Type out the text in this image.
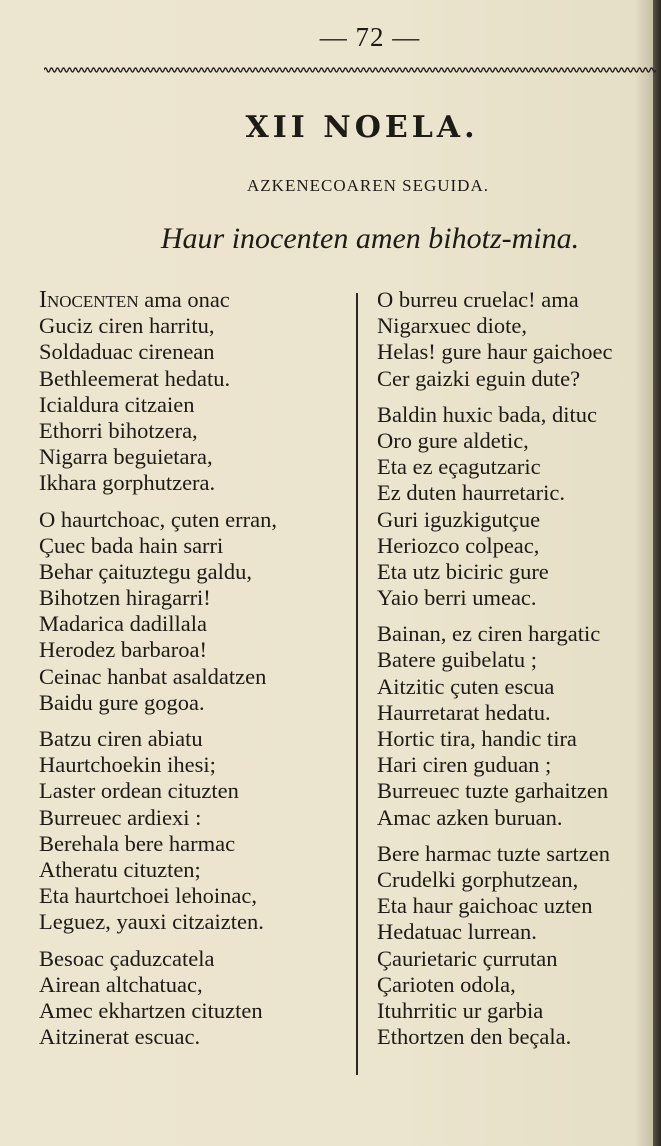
— 72 —
XII NOELA.
AZKENECOAREN SEGUIDA.
Haur inocenten amen bihotz-mina.
Inocenten ama onac
Guciz ciren harritu,
Soldaduac cirenean
Bethleemerat hedatu.
Icialdura citzaien
Ethorri bihotzera,
Nigarra beguietara,
Ikhara gorphutzera.
O haurtchoac, çuten erran,
Çuec bada hain sarri
Behar çaituztegu galdu,
Bihotzen hiragarri!
Madarica dadillala
Herodez barbaroa!
Ceinac hanbat asaldatzen
Baidu gure gogoa.
Batzu ciren abiatu
Haurtchoekin ihesi;
Laster ordean cituzten
Burreuec ardiexi :
Berehala bere harmac
Atheratu cituzten;
Eta haurtchoei lehoinac,
Leguez, yauxi citzaizten.
Besoac çaduzcatela
Airean altchatuac,
Amec ekhartzen cituzten
Aitzinerat escuac.
O burreu cruelac! ama
Nigarxuec diote,
Helas! gure haur gaichoec
Cer gaizki eguin dute?
Baldin huxic bada, dituc
Oro gure aldetic,
Eta ez eçagutzaric
Ez duten haurretaric.
Guri iguzkigutçue
Heriozco colpeac,
Eta utz biciric gure
Yaio berri umeac.
Bainan, ez ciren hargatic
Batere guibelatu ;
Aitzitic çuten escua
Haurretarat hedatu.
Hortic tira, handic tira
Hari ciren guduan ;
Burreuec tuzte garhaitzen
Amac azken buruan.
Bere harmac tuzte sartzen
Crudelki gorphutzean,
Eta haur gaichoac uzten
Hedatuac lurrean.
Çaurietaric çurrutan
Çarioten odola,
Ituhrritic ur garbia
Ethortzen den beçala.
